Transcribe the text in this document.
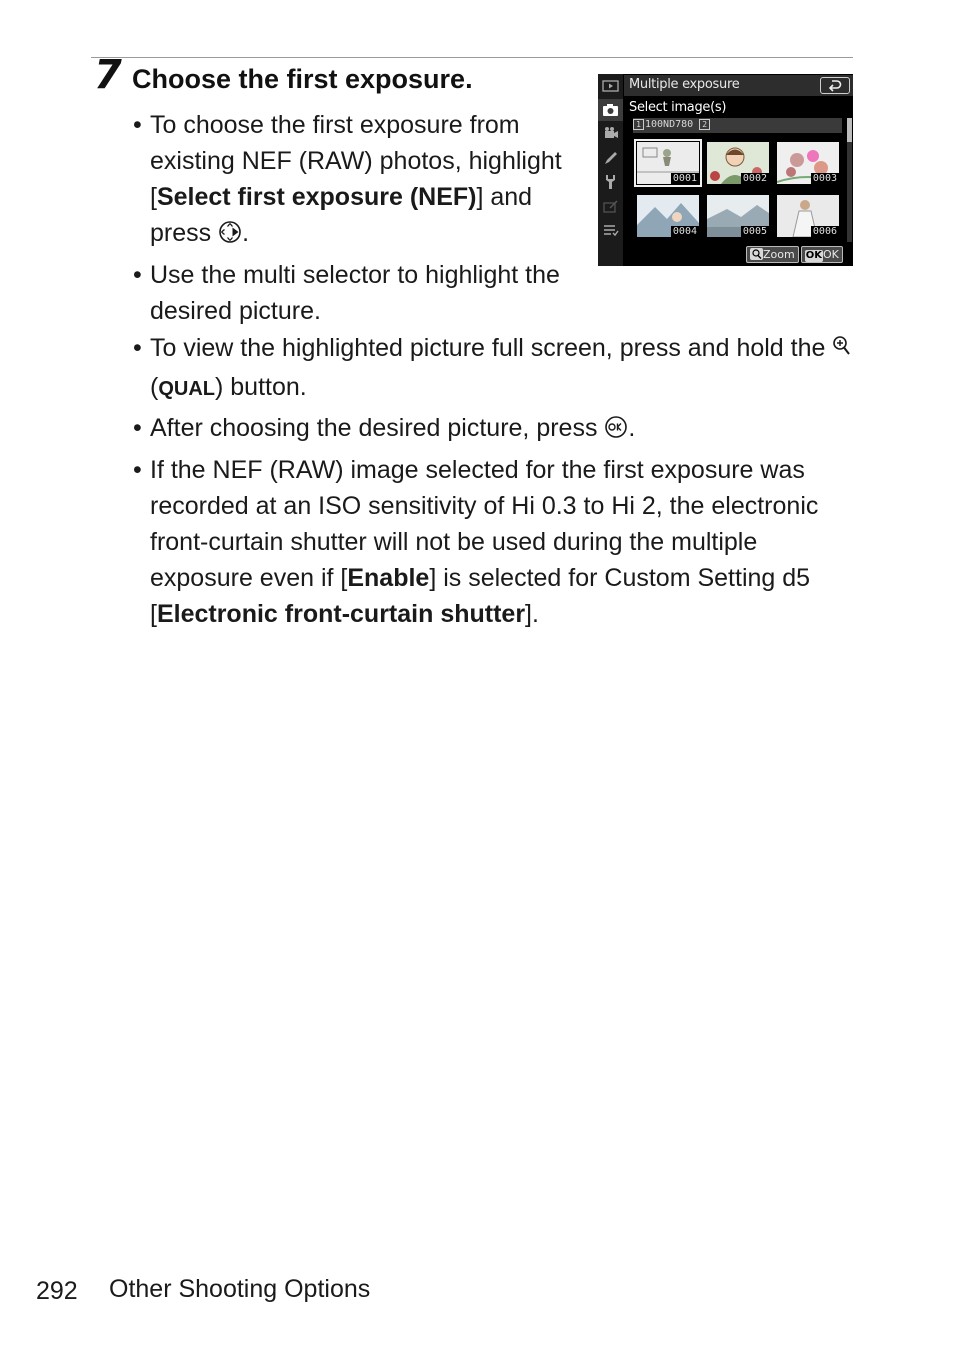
7 Choose the first exposure.
• To choose the first exposure from existing NEF (RAW) photos, highlight [Select first exposure (NEF)] and press .
• Use the multi selector to highlight the desired picture.
• To view the highlighted picture full screen, press and hold the  (QUAL) button.
• After choosing the desired picture, press .
• If the NEF (RAW) image selected for the first exposure was recorded at an ISO sensitivity of Hi 0.3 to Hi 2, the electronic front-curtain shutter will not be used during the multiple exposure even if [Enable] is selected for Custom Setting d5 [Electronic front-curtain shutter].
Multiple exposure
Select image(s)
1 100ND780 2
0001	0002	0003
0004	0005	0006
Zoom OKOK
292 Other Shooting Options
